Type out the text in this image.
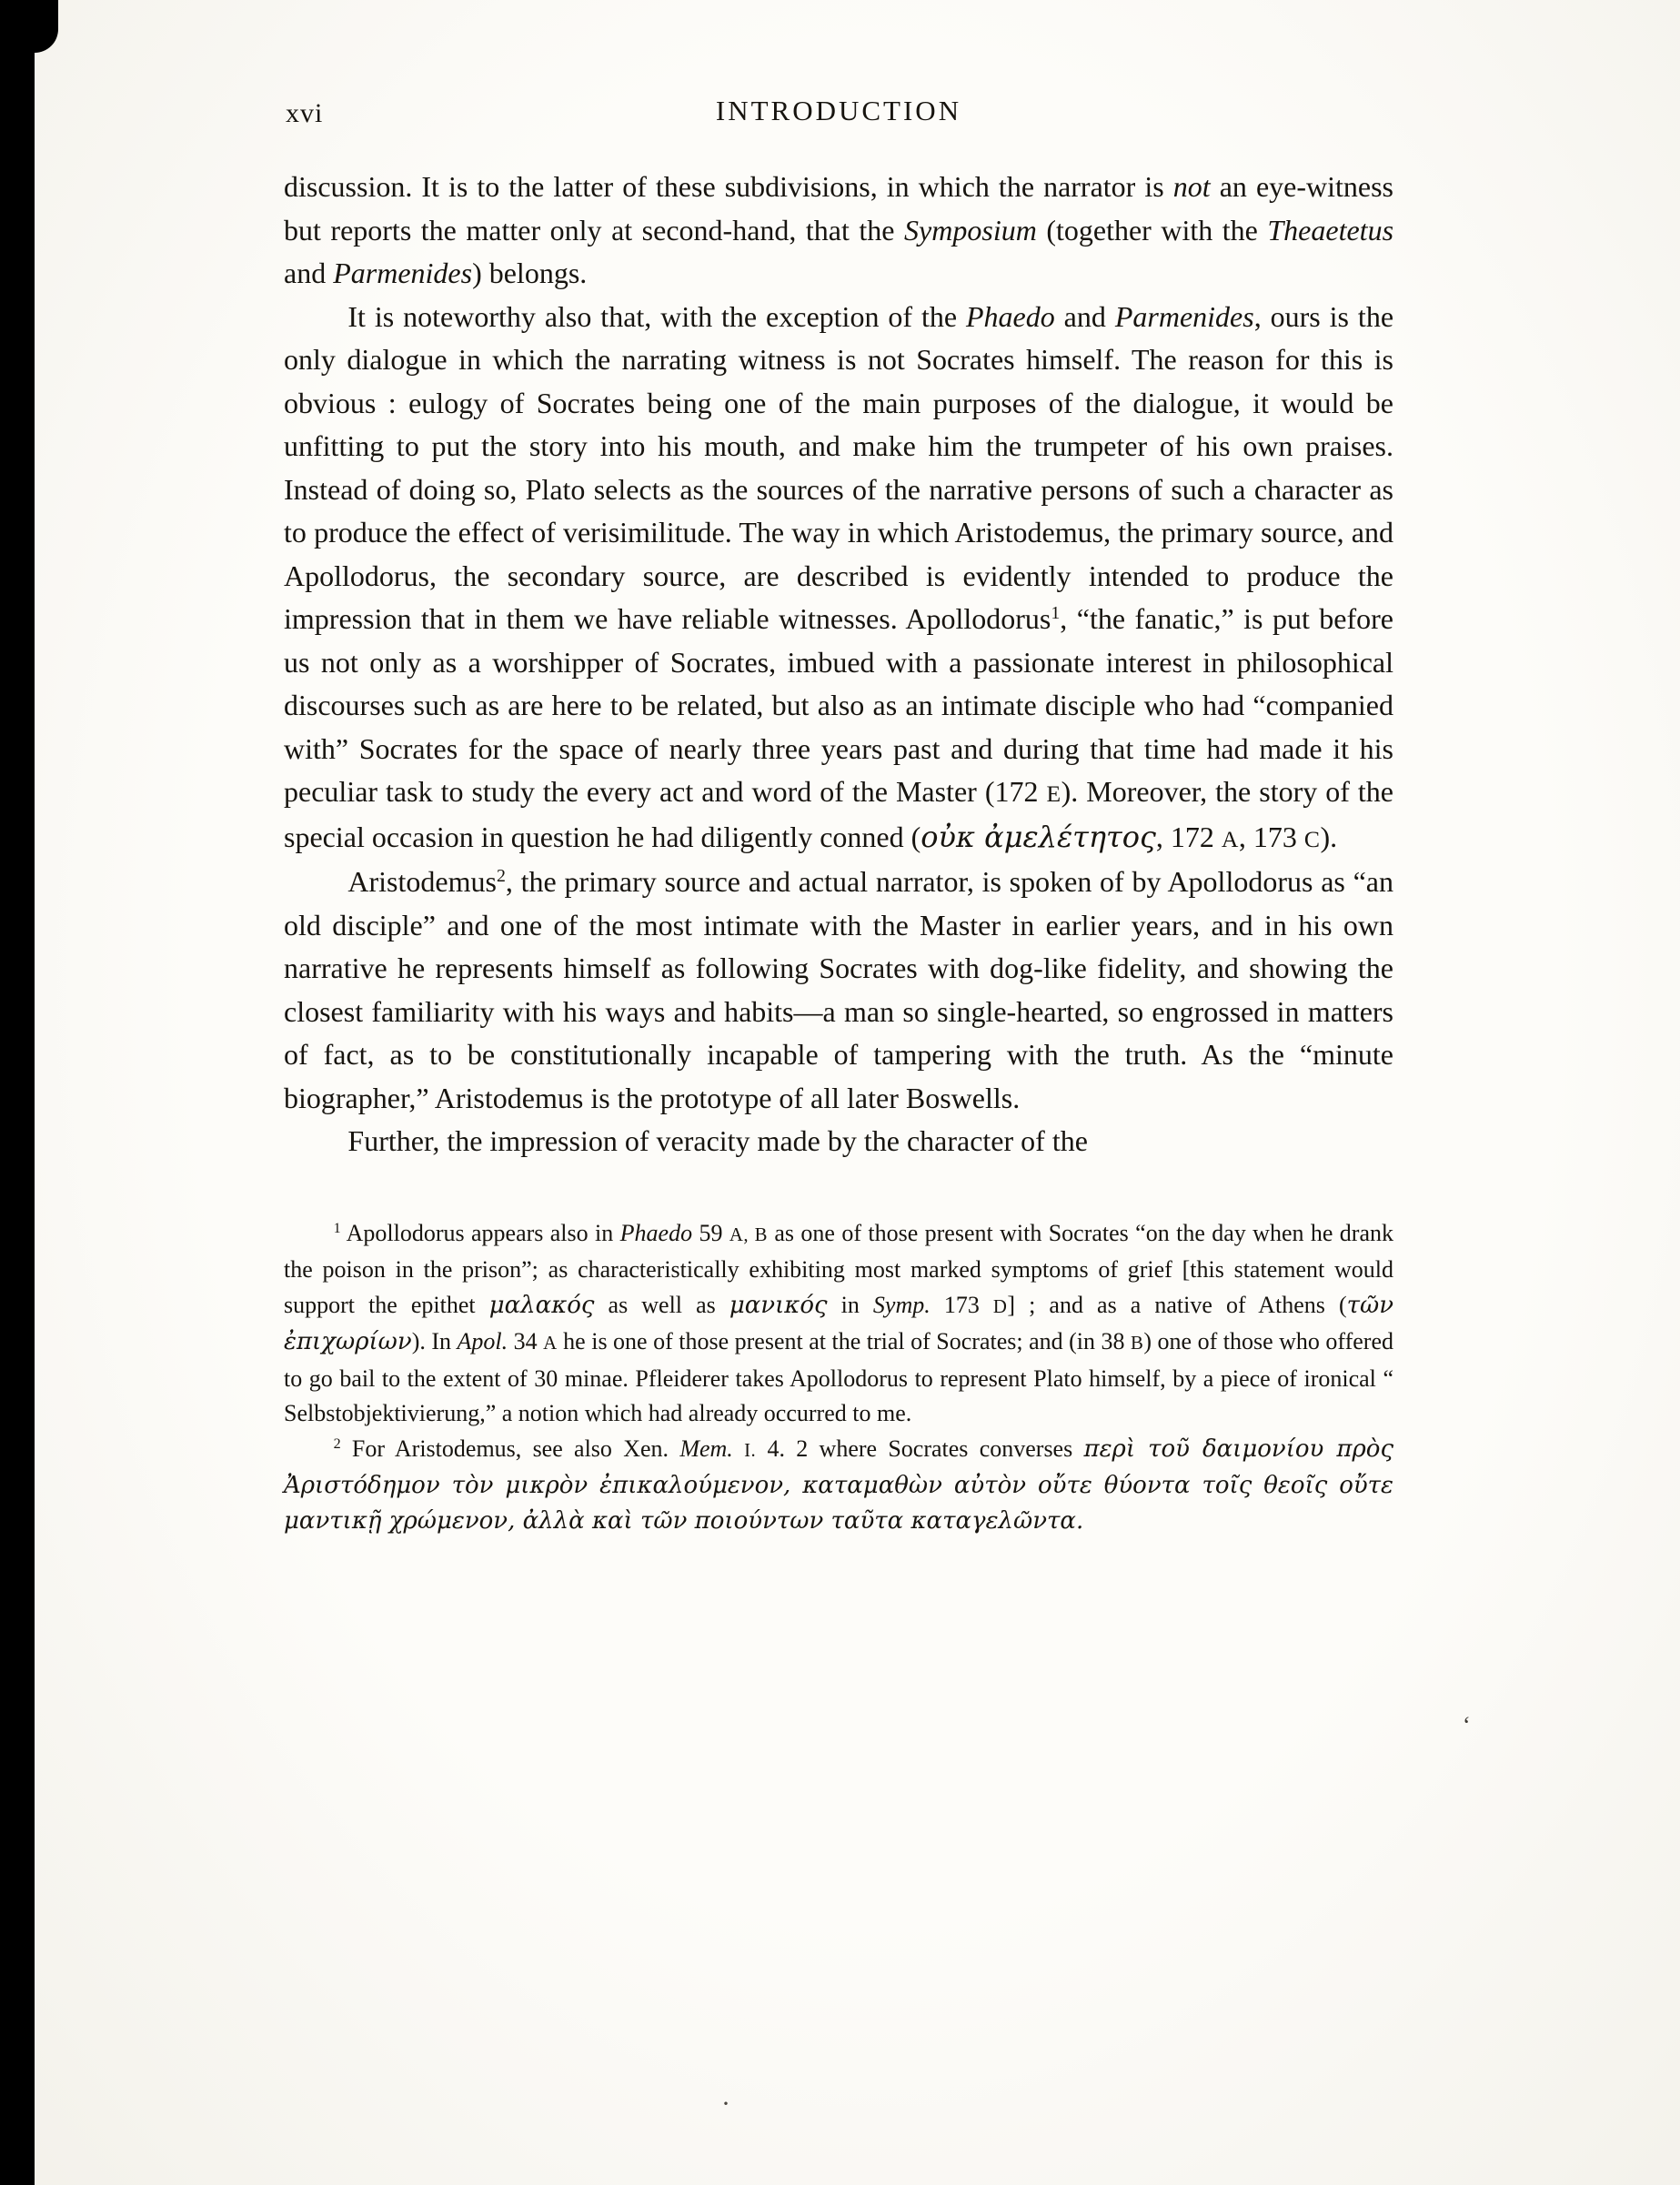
xvi	INTRODUCTION

discussion. It is to the latter of these subdivisions, in which the narrator is not an eye-witness but reports the matter only at second-hand, that the Symposium (together with the Theaetetus and Parmenides) belongs.

It is noteworthy also that, with the exception of the Phaedo and Parmenides, ours is the only dialogue in which the narrating witness is not Socrates himself. The reason for this is obvious : eulogy of Socrates being one of the main purposes of the dialogue, it would be unfitting to put the story into his mouth, and make him the trumpeter of his own praises. Instead of doing so, Plato selects as the sources of the narrative persons of such a character as to produce the effect of verisimilitude. The way in which Aristodemus, the primary source, and Apollodorus, the secondary source, are described is evidently intended to produce the impression that in them we have reliable witnesses. Apollodorus$^1$, “the fanatic,” is put before us not only as a worshipper of Socrates, imbued with a passionate interest in philosophical discourses such as are here to be related, but also as an intimate disciple who had “companied with” Socrates for the space of nearly three years past and during that time had made it his peculiar task to study the every act and word of the Master (172 E). Moreover, the story of the special occasion in question he had diligently conned (οὐκ ἀμελέτητος, 172 A, 173 C).

Aristodemus$^2$, the primary source and actual narrator, is spoken of by Apollodorus as “an old disciple” and one of the most intimate with the Master in earlier years, and in his own narrative he represents himself as following Socrates with dog-like fidelity, and showing the closest familiarity with his ways and habits—a man so single-hearted, so engrossed in matters of fact, as to be constitutionally incapable of tampering with the truth. As the “minute biographer,” Aristodemus is the prototype of all later Boswells.

Further, the impression of veracity made by the character of the

$^1$ Apollodorus appears also in Phaedo 59 A, B as one of those present with Socrates “on the day when he drank the poison in the prison”; as characteristically exhibiting most marked symptoms of grief [this statement would support the epithet μαλακός as well as μανικός in Symp. 173 D] ; and as a native of Athens (τῶν ἐπιχωρίων). In Apol. 34 A he is one of those present at the trial of Socrates; and (in 38 B) one of those who offered to go bail to the extent of 30 minae. Pfleiderer takes Apollodorus to represent Plato himself, by a piece of ironical “ Selbstobjektivierung,” a notion which had already occurred to me.

$^2$ For Aristodemus, see also Xen. Mem. I. 4. 2 where Socrates converses περὶ τοῦ δαιμονίου πρὸς Ἀριστόδημον τὸν μικρὸν ἐπικαλούμενον, καταμαθὼν αὐτὸν οὔτε θύοντα τοῖς θεοῖς οὔτε μαντικῇ χρώμενον, ἀλλὰ καὶ τῶν ποιούντων ταῦτα καταγελῶντα.

ʻ
·
